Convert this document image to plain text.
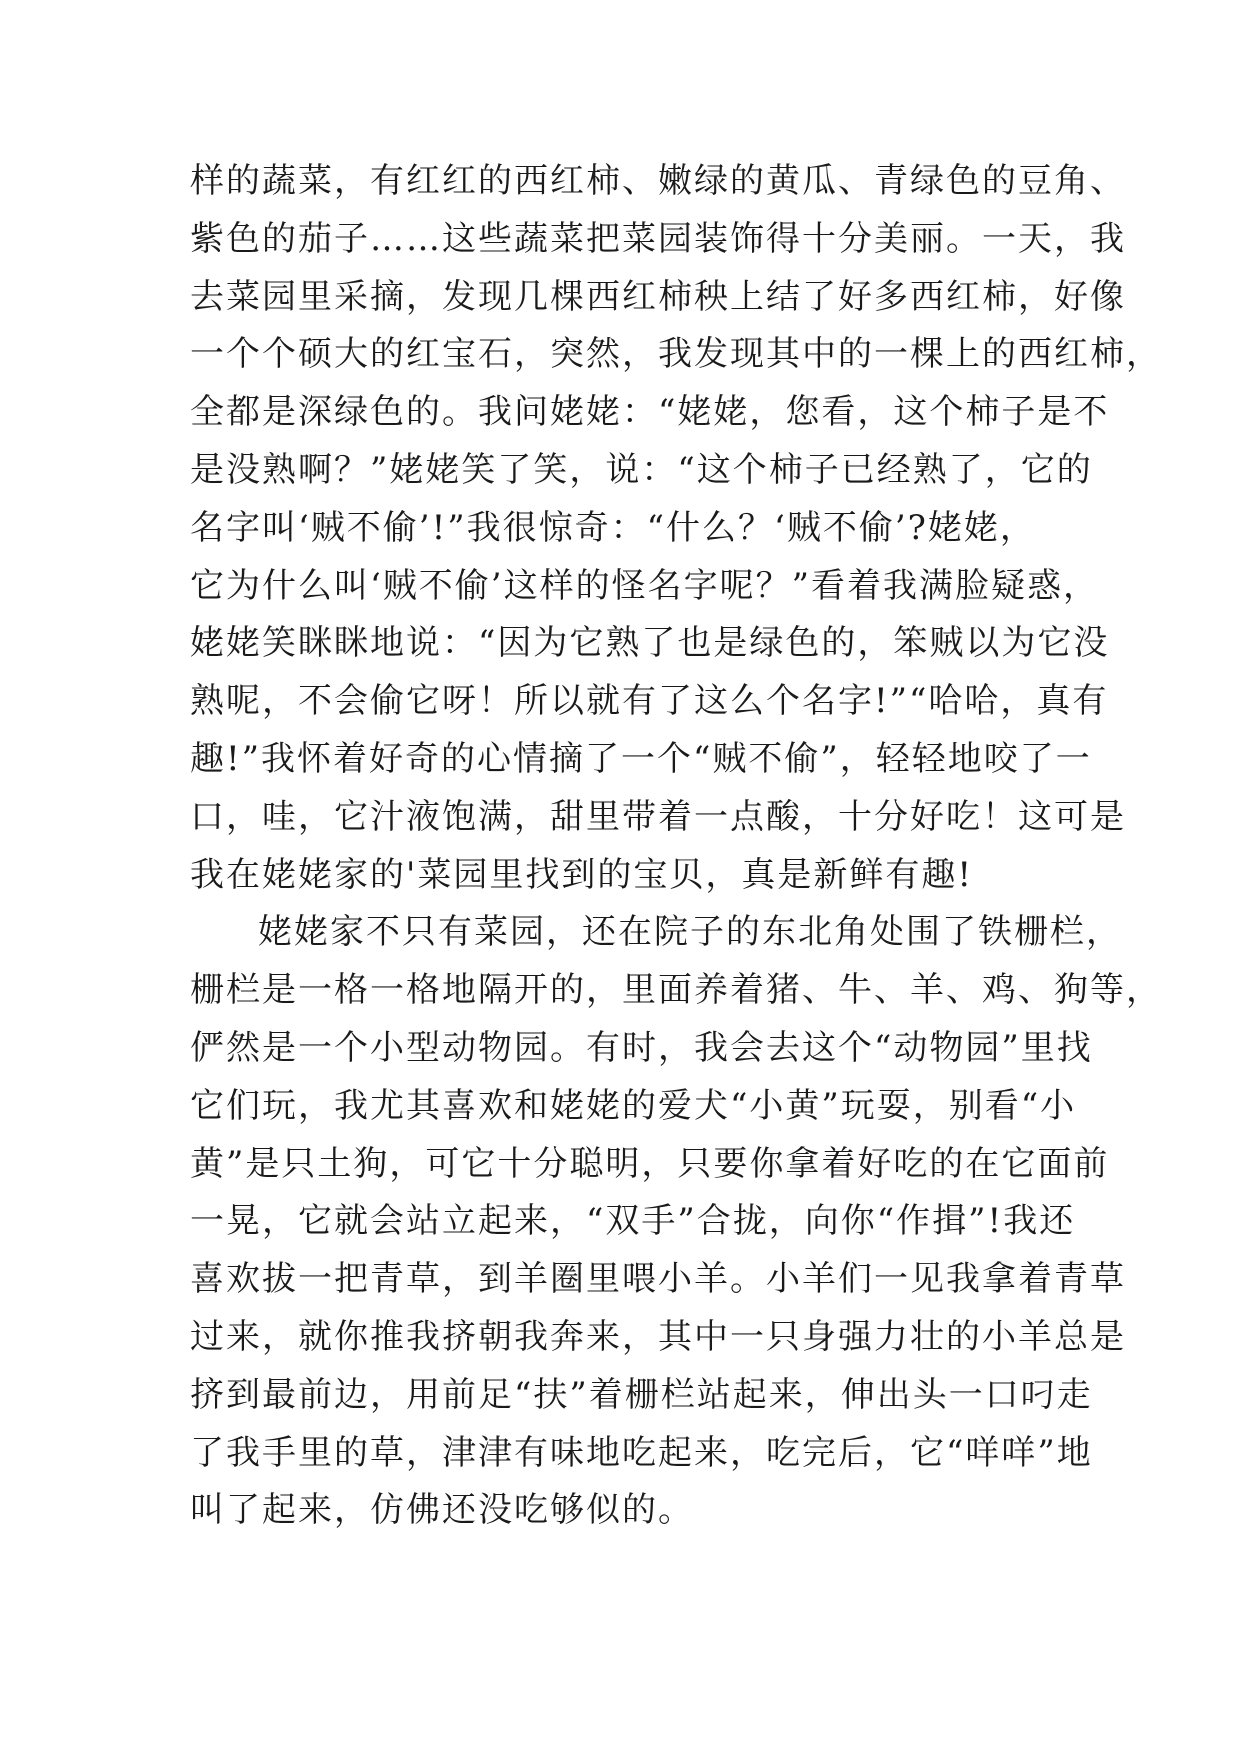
样的蔬菜，有红红的西红柿、嫩绿的黄瓜、青绿色的豆角、
紫色的茄子……这些蔬菜把菜园装饰得十分美丽。一天，我
去菜园里采摘，发现几棵西红柿秧上结了好多西红柿，好像
一个个硕大的红宝石，突然，我发现其中的一棵上的西红柿，
全都是深绿色的。我问姥姥：“姥姥，您看，这个柿子是不
是没熟啊？”姥姥笑了笑，说：“这个柿子已经熟了，它的
名字叫‘贼不偷’!”我很惊奇：“什么？‘贼不偷’?姥姥，
它为什么叫‘贼不偷’这样的怪名字呢？”看着我满脸疑惑，
姥姥笑眯眯地说：“因为它熟了也是绿色的，笨贼以为它没
熟呢，不会偷它呀！所以就有了这么个名字!”“哈哈，真有
趣!”我怀着好奇的心情摘了一个“贼不偷”，轻轻地咬了一
口，哇，它汁液饱满，甜里带着一点酸，十分好吃！这可是
我在姥姥家的'菜园里找到的宝贝，真是新鲜有趣!
姥姥家不只有菜园，还在院子的东北角处围了铁栅栏，
栅栏是一格一格地隔开的，里面养着猪、牛、羊、鸡、狗等，
俨然是一个小型动物园。有时，我会去这个“动物园”里找
它们玩，我尤其喜欢和姥姥的爱犬“小黄”玩耍，别看“小
黄”是只土狗，可它十分聪明，只要你拿着好吃的在它面前
一晃，它就会站立起来，“双手”合拢，向你“作揖”!我还
喜欢拔一把青草，到羊圈里喂小羊。小羊们一见我拿着青草
过来，就你推我挤朝我奔来，其中一只身强力壮的小羊总是
挤到最前边，用前足“扶”着栅栏站起来，伸出头一口叼走
了我手里的草，津津有味地吃起来，吃完后，它“咩咩”地
叫了起来，仿佛还没吃够似的。
